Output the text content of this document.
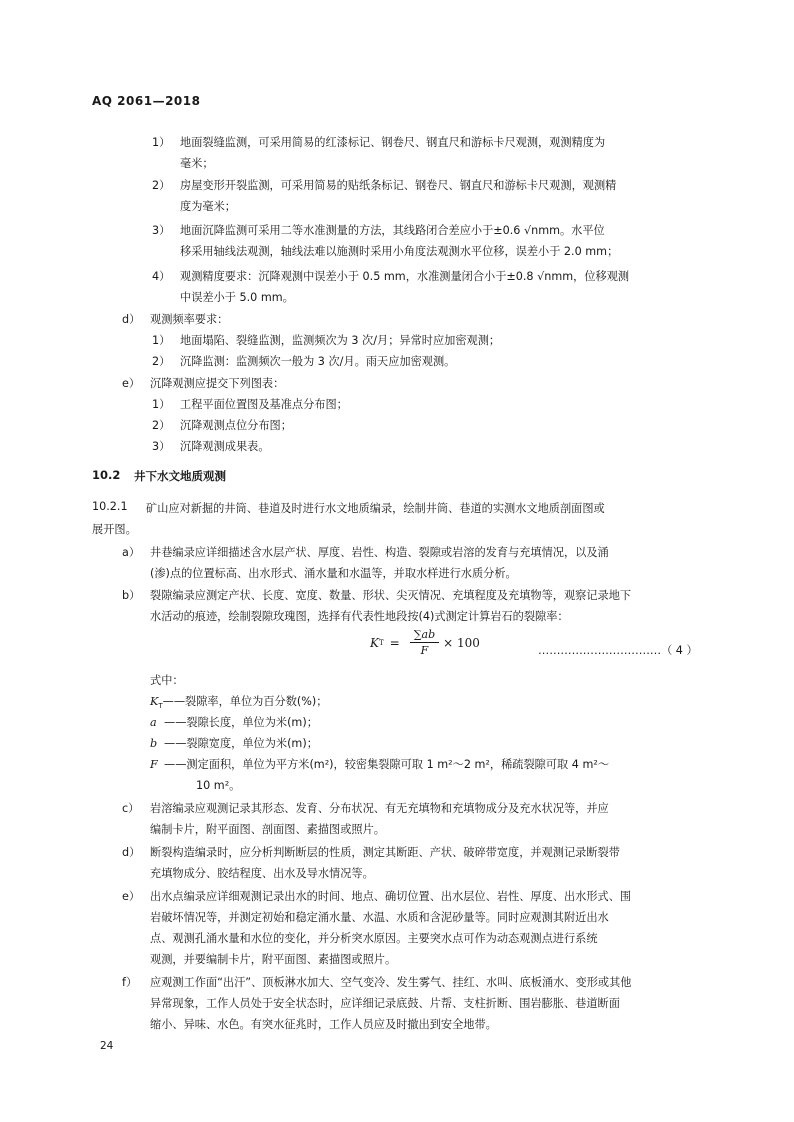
AQ 2061—2018
1） 地面裂缝监测，可采用简易的红漆标记、钢卷尺、钢直尺和游标卡尺观测，观测精度为
毫米；
2） 房屋变形开裂监测，可采用简易的贴纸条标记、钢卷尺、钢直尺和游标卡尺观测，观测精
度为毫米；
3） 地面沉降监测可采用二等水准测量的方法，其线路闭合差应小于±0.6 √nmm。水平位
移采用轴线法观测，轴线法难以施测时采用小角度法观测水平位移，误差小于 2.0 mm；
4） 观测精度要求：沉降观测中误差小于 0.5 mm，水准测量闭合小于±0.8 √nmm，位移观测
中误差小于 5.0 mm。
d） 观测频率要求：
1） 地面塌陷、裂缝监测，监测频次为 3 次/月；异常时应加密观测；
2） 沉降监测：监测频次一般为 3 次/月。雨天应加密观测。
e） 沉降观测应提交下列图表：
1） 工程平面位置图及基准点分布图；
2） 沉降观测点位分布图；
3） 沉降观测成果表。
10.2 井下水文地质观测
10.2.1 矿山应对新掘的井筒、巷道及时进行水文地质编录，绘制井筒、巷道的实测水文地质剖面图或
展开图。
a） 井巷编录应详细描述含水层产状、厚度、岩性、构造、裂隙或岩溶的发育与充填情况，以及涌
(渗)点的位置标高、出水形式、涌水量和水温等，并取水样进行水质分析。
b） 裂隙编录应测定产状、长度、宽度、数量、形状、尖灭情况、充填程度及充填物等，观察记录地下
水活动的痕迹，绘制裂隙玫瑰图，选择有代表性地段按(4)式测定计算岩石的裂隙率：
K $T = \frac{\sum ab}{F} \times 100$
……………………………（ 4 ）
式中：
$K_T——$裂隙率，单位为百分数(%)；
a ——裂隙长度，单位为米(m)；
b ——裂隙宽度，单位为米(m)；
F ——测定面积，单位为平方米(m²)，较密集裂隙可取 1 m²～2 m²，稀疏裂隙可取 4 m²～
10 m²。
c） 岩溶编录应观测记录其形态、发育、分布状况、有无充填物和充填物成分及充水状况等，并应
编制卡片，附平面图、剖面图、素描图或照片。
d） 断裂构造编录时，应分析判断断层的性质，测定其断距、产状、破碎带宽度，并观测记录断裂带
充填物成分、胶结程度、出水及导水情况等。
e） 出水点编录应详细观测记录出水的时间、地点、确切位置、出水层位、岩性、厚度、出水形式、围
岩破坏情况等，并测定初始和稳定涌水量、水温、水质和含泥砂量等。同时应观测其附近出水
点、观测孔涌水量和水位的变化，并分析突水原因。主要突水点可作为动态观测点进行系统
观测，并要编制卡片，附平面图、素描图或照片。
f） 应观测工作面“出汗”、顶板淋水加大、空气变冷、发生雾气、挂红、水叫、底板涌水、变形或其他
异常现象，工作人员处于安全状态时，应详细记录底鼓、片帮、支柱折断、围岩膨胀、巷道断面
缩小、异味、水色。有突水征兆时，工作人员应及时撤出到安全地带。
24
